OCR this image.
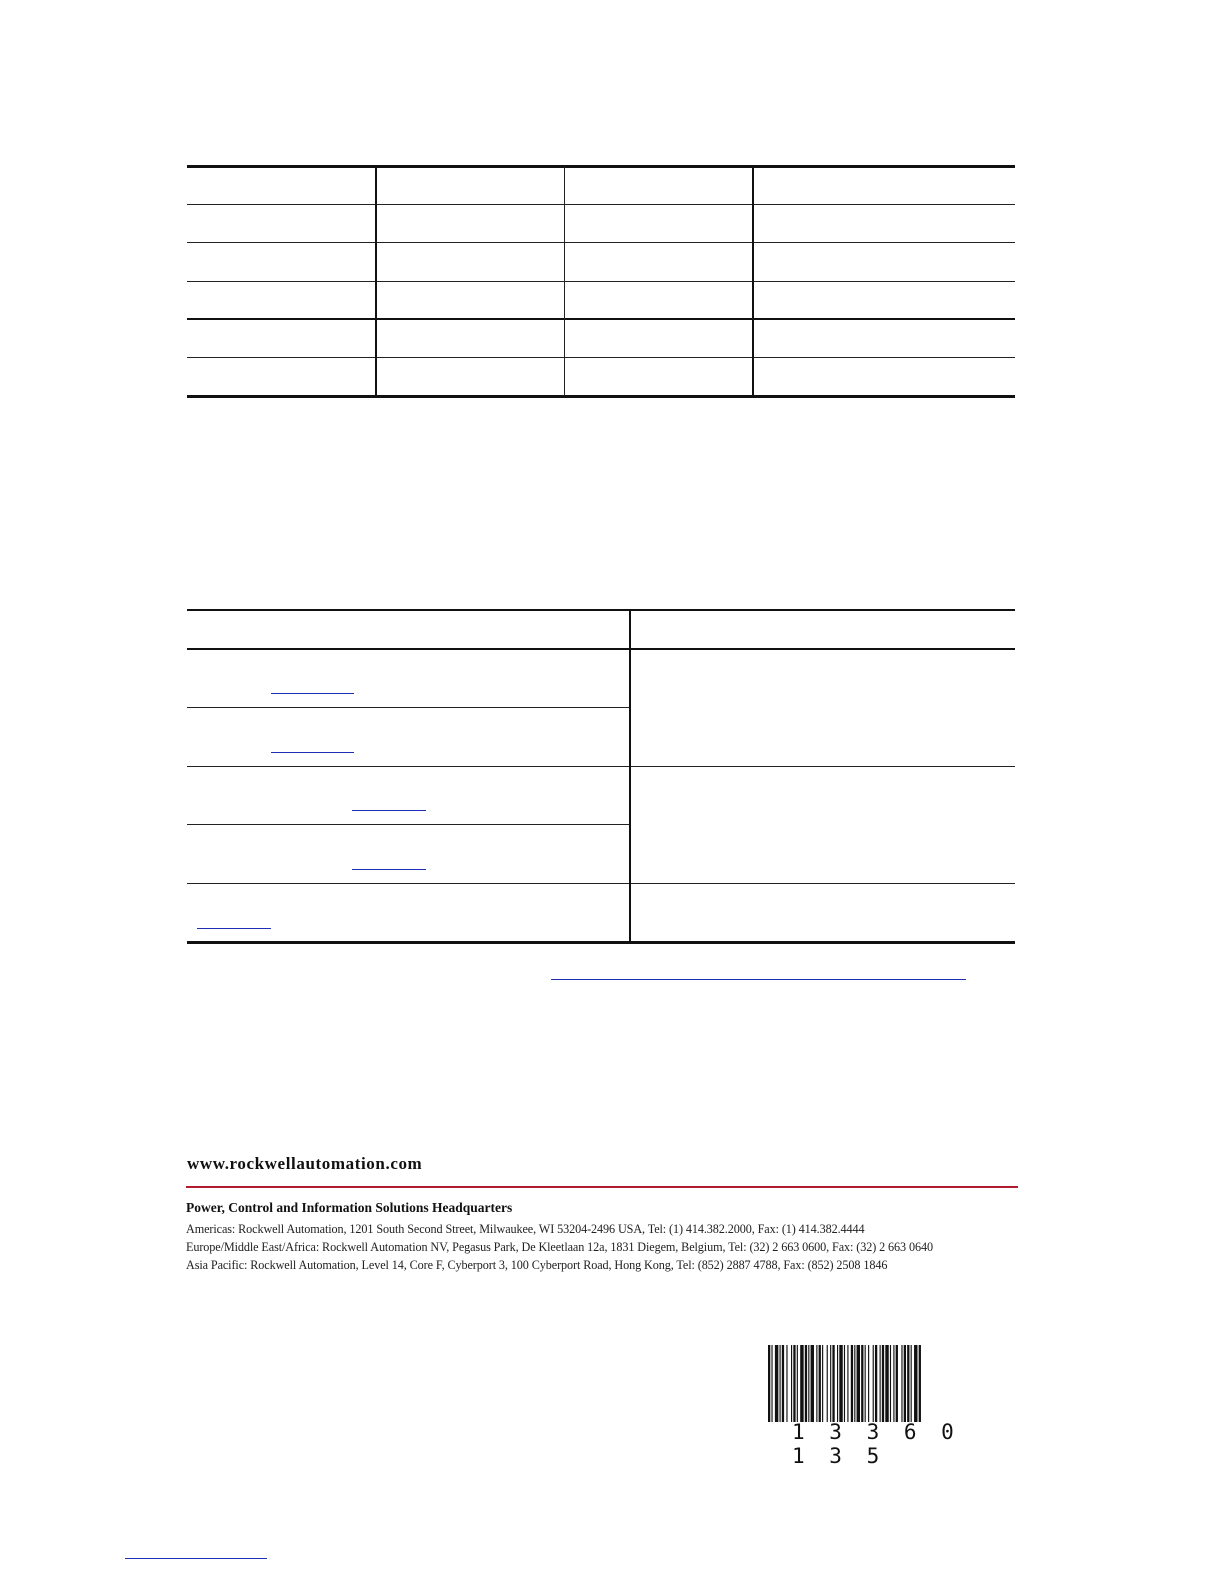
www.rockwellautomation.com
Power, Control and Information Solutions Headquarters
Americas: Rockwell Automation, 1201 South Second Street, Milwaukee, WI 53204-2496 USA, Tel: (1) 414.382.2000, Fax: (1) 414.382.4444
Europe/Middle East/Africa: Rockwell Automation NV, Pegasus Park, De Kleetlaan 12a, 1831 Diegem, Belgium, Tel: (32) 2 663 0600, Fax: (32) 2 663 0640
Asia Pacific: Rockwell Automation, Level 14, Core F, Cyberport 3, 100 Cyberport Road, Hong Kong, Tel: (852) 2887 4788, Fax: (852) 2508 1846
1 3 3 6 0 1 3 5
